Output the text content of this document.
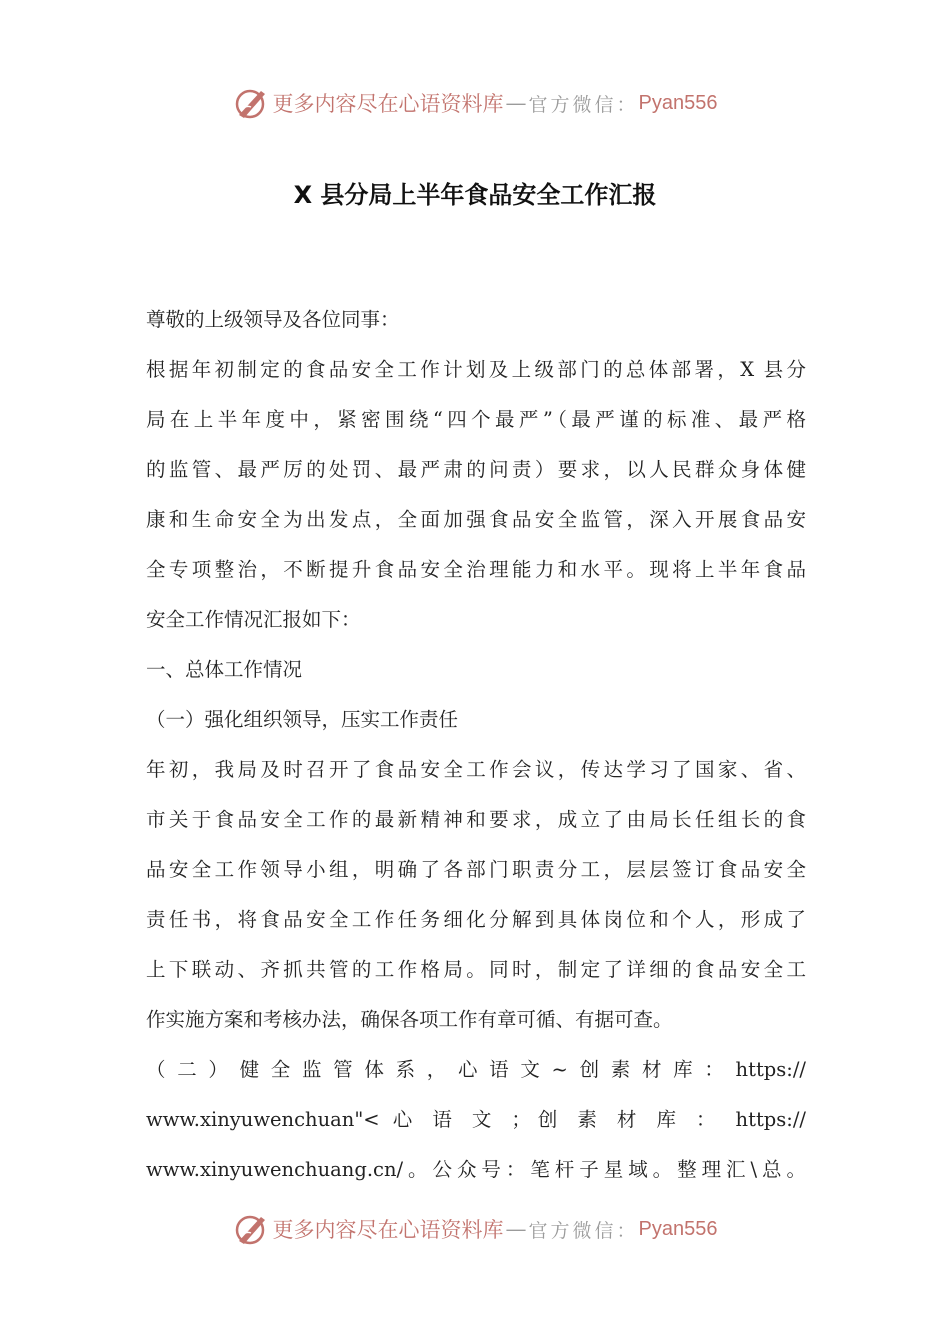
更多内容尽在心语资料库 — 官方微信： Pyan556
X 县分局上半年食品安全工作汇报
尊敬的上级领导及各位同事：
根据年初制定的食品安全工作计划及上级部门的总体部署，X 县分
局在上半年度中，紧密围绕“四个最严”（最严谨的标准、最严格
的监管、最严厉的处罚、最严肃的问责）要求，以人民群众身体健
康和生命安全为出发点，全面加强食品安全监管，深入开展食品安
全专项整治，不断提升食品安全治理能力和水平。现将上半年食品
安全工作情况汇报如下：
一、总体工作情况
（一）强化组织领导，压实工作责任
年初，我局及时召开了食品安全工作会议，传达学习了国家、省、
市关于食品安全工作的最新精神和要求，成立了由局长任组长的食
品安全工作领导小组，明确了各部门职责分工，层层签订食品安全
责任书，将食品安全工作任务细化分解到具体岗位和个人，形成了
上下联动、齐抓共管的工作格局。同时，制定了详细的食品安全工
作实施方案和考核办法，确保各项工作有章可循、有据可查。
（二）健全监管体系，心语文~创素材库：https://
www.xinyuwenchuan"< 心 语 文 ；创 素 材 库 ： https://
www.xinyuwenchuang.cn/。公众号：笔杆子星域。整理汇\总。
更多内容尽在心语资料库 — 官方微信： Pyan556
